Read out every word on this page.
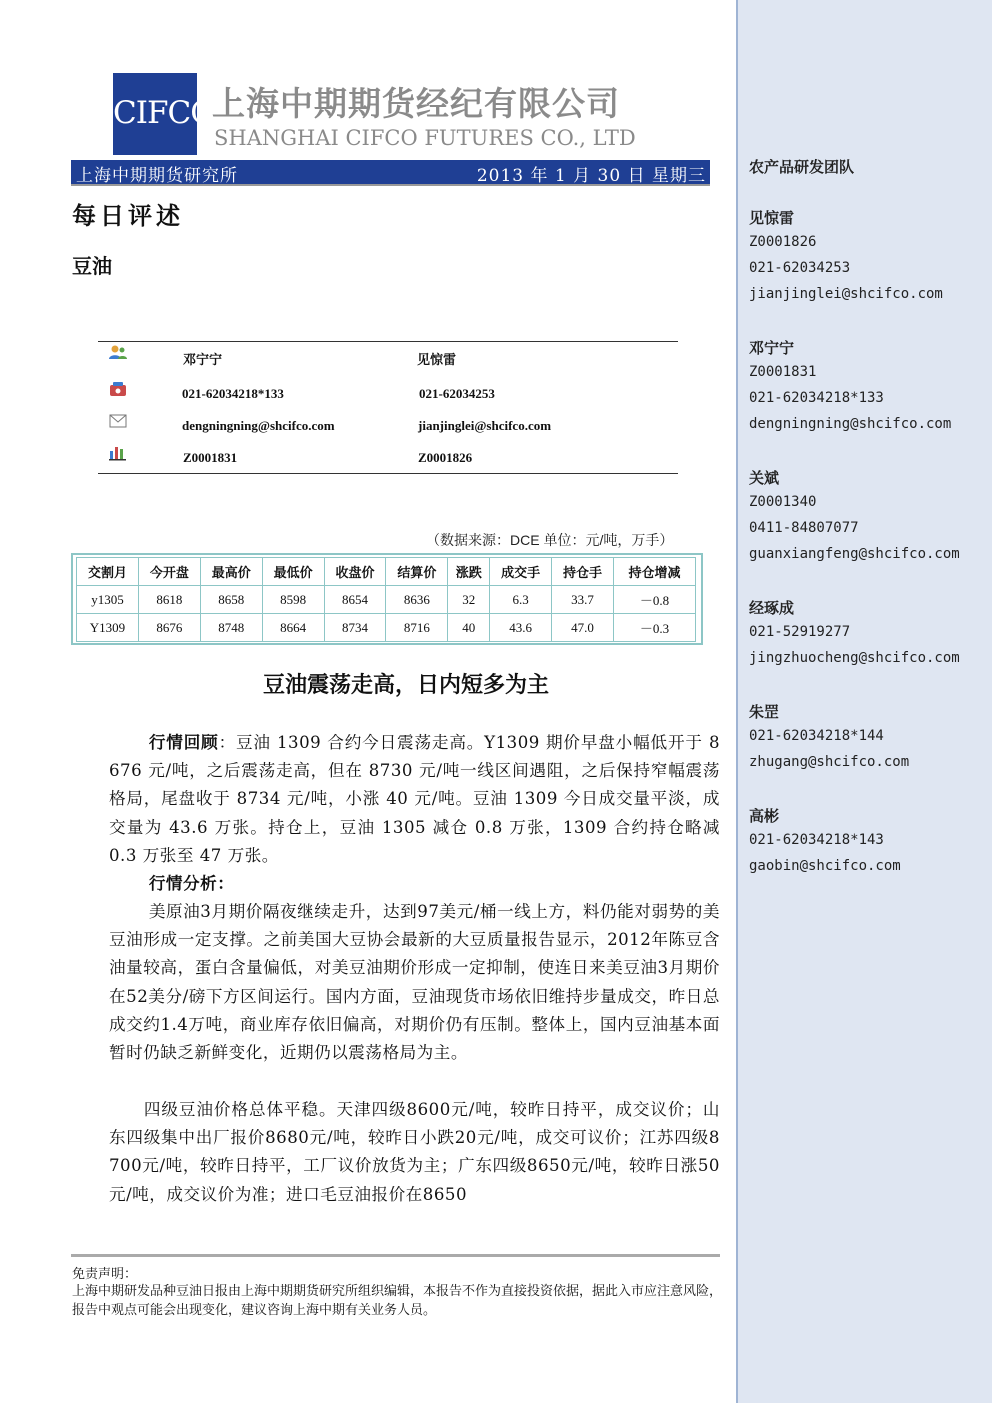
农产品研发团队
见惊雷
Z0001826
021-62034253
jianjinglei@shcifco.com
邓宁宁
Z0001831
021-62034218*133
dengningning@shcifco.com
关斌
Z0001340
0411-84807077
guanxiangfeng@shcifco.com
经琢成
021-52919277
jingzhuocheng@shcifco.com
朱罡
021-62034218*144
zhugang@shcifco.com
高彬
021-62034218*143
gaobin@shcifco.com
CIFCO
上海中期期货经纪有限公司
SHANGHAI CIFCO FUTURES CO., LTD
上海中期期货研究所	2013 年 1 月 30 日 星期三
每日评述
豆油
邓宁宁	见惊雷
021-62034218*133	021-62034253
dengningning@shcifco.com	jianjinglei@shcifco.com
Z0001831	Z0001826
（数据来源：DCE 单位：元/吨，万手）
交割月	今开盘	最高价	最低价	收盘价	结算价	涨跌	成交手	持仓手	持仓增减
y1305	8618	8658	8598	8654	8636	32	6.3	33.7	－0.8
Y1309	8676	8748	8664	8734	8716	40	43.6	47.0	－0.3
豆油震荡走高，日内短多为主
行情回顾：豆油 1309 合约今日震荡走高。Y1309 期价早盘小幅低开于 8676 元/吨，之后震荡走高，但在 8730 元/吨一线区间遇阻，之后保持窄幅震荡格局，尾盘收于 8734 元/吨，小涨 40 元/吨。豆油 1309 今日成交量平淡，成交量为 43.6 万张。持仓上，豆油 1305 减仓 0.8 万张，1309 合约持仓略减 0.3 万张至 47 万张。
行情分析：
美原油3月期价隔夜继续走升，达到97美元/桶一线上方，料仍能对弱势的美豆油形成一定支撑。之前美国大豆协会最新的大豆质量报告显示，2012年陈豆含油量较高，蛋白含量偏低，对美豆油期价形成一定抑制，使连日来美豆油3月期价在52美分/磅下方区间运行。国内方面，豆油现货市场依旧维持步量成交，昨日总成交约1.4万吨，商业库存依旧偏高，对期价仍有压制。整体上，国内豆油基本面暂时仍缺乏新鲜变化，近期仍以震荡格局为主。
四级豆油价格总体平稳。天津四级8600元/吨，较昨日持平，成交议价；山东四级集中出厂报价8680元/吨，较昨日小跌20元/吨，成交可议价；江苏四级8700元/吨，较昨日持平，工厂议价放货为主；广东四级8650元/吨，较昨日涨50元/吨，成交议价为准；进口毛豆油报价在8650
免责声明：
上海中期研发品种豆油日报由上海中期期货研究所组织编辑，本报告不作为直接投资依据，据此入市应注意风险，报告中观点可能会出现变化，建议咨询上海中期有关业务人员。
